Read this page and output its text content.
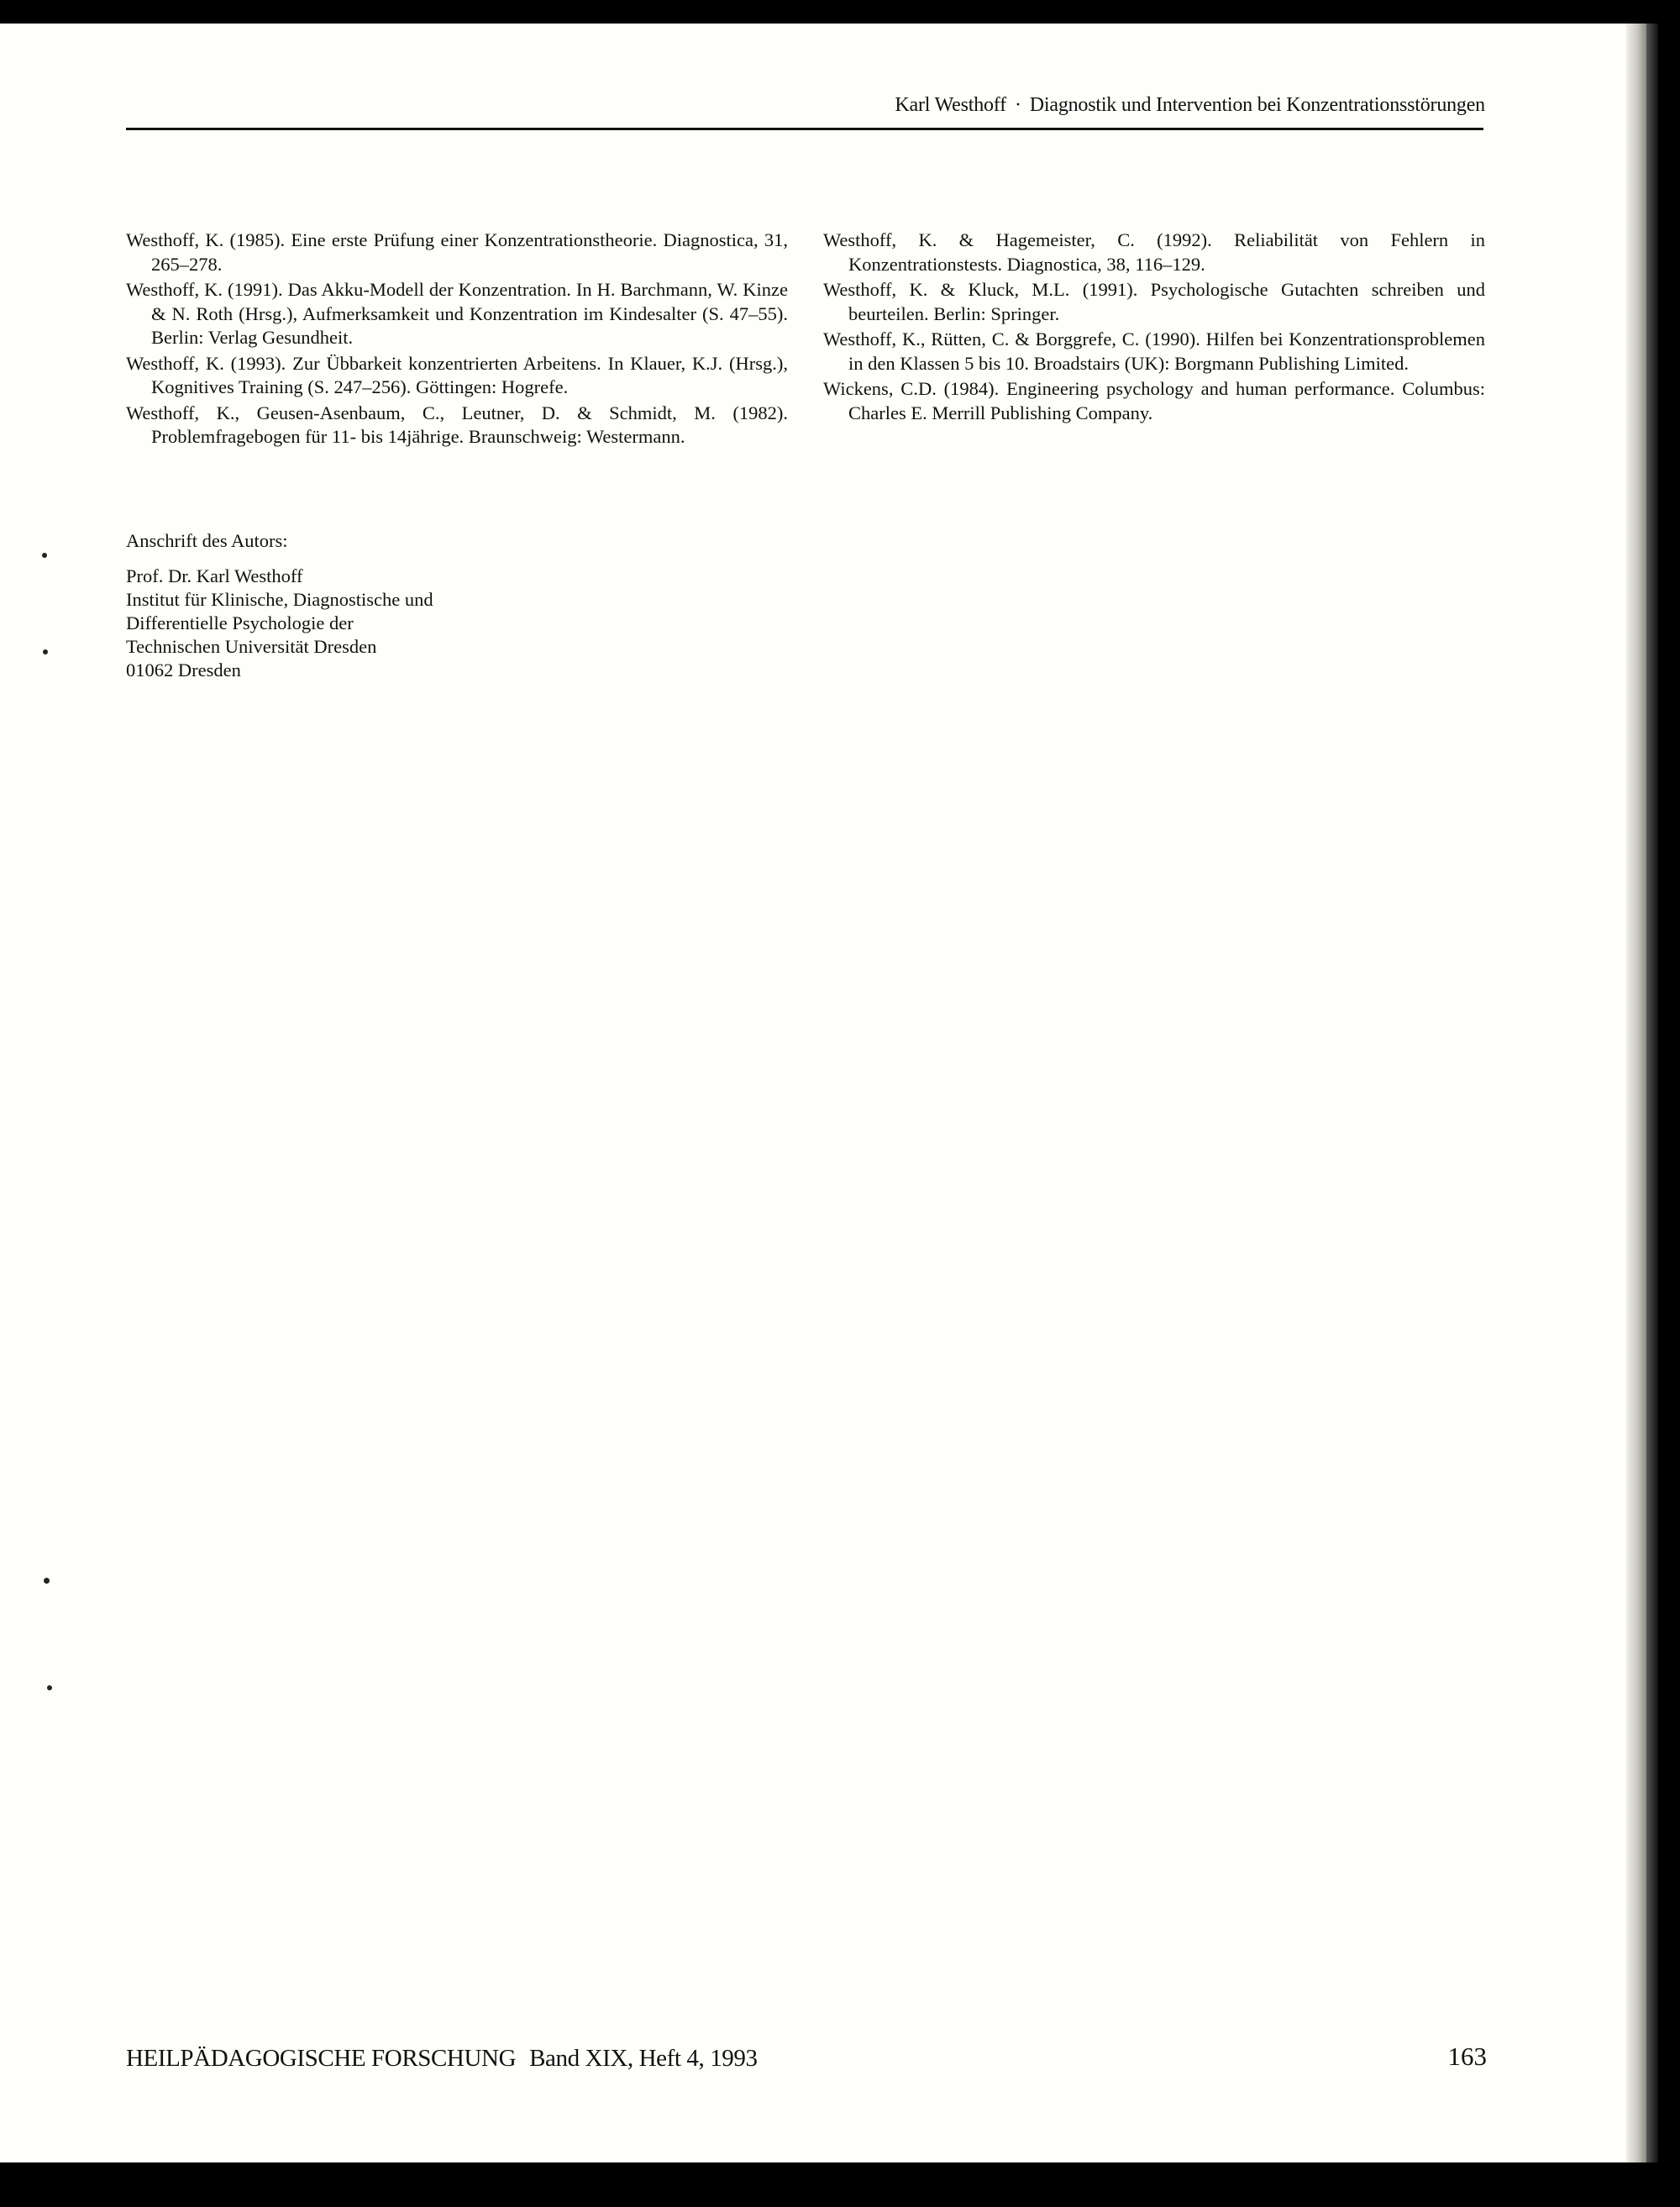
Karl Westhoff · Diagnostik und Intervention bei Konzentrationsstörungen

Westhoff, K. (1985). Eine erste Prüfung einer Konzentrationstheorie. Diagnostica, 31, 265–278.

Westhoff, K. (1991). Das Akku-Modell der Konzentration. In H. Barchmann, W. Kinze & N. Roth (Hrsg.), Aufmerksamkeit und Konzentration im Kindesalter (S. 47–55). Berlin: Verlag Gesundheit.

Westhoff, K. (1993). Zur Übbarkeit konzentrierten Arbeitens. In Klauer, K.J. (Hrsg.), Kognitives Training (S. 247–256). Göttingen: Hogrefe.

Westhoff, K., Geusen-Asenbaum, C., Leutner, D. & Schmidt, M. (1982). Problemfragebogen für 11- bis 14jährige. Braunschweig: Westermann.

Westhoff, K. & Hagemeister, C. (1992). Reliabilität von Fehlern in Konzentrationstests. Diagnostica, 38, 116–129.

Westhoff, K. & Kluck, M.L. (1991). Psychologische Gutachten schreiben und beurteilen. Berlin: Springer.

Westhoff, K., Rütten, C. & Borggrefe, C. (1990). Hilfen bei Konzentrationsproblemen in den Klassen 5 bis 10. Broadstairs (UK): Borgmann Publishing Limited.

Wickens, C.D. (1984). Engineering psychology and human performance. Columbus: Charles E. Merrill Publishing Company.

Anschrift des Autors:
Prof. Dr. Karl Westhoff
Institut für Klinische, Diagnostische und
Differentielle Psychologie der
Technischen Universität Dresden
01062 Dresden
HEILPÄDAGOGISCHE FORSCHUNG Band XIX, Heft 4, 1993	163
